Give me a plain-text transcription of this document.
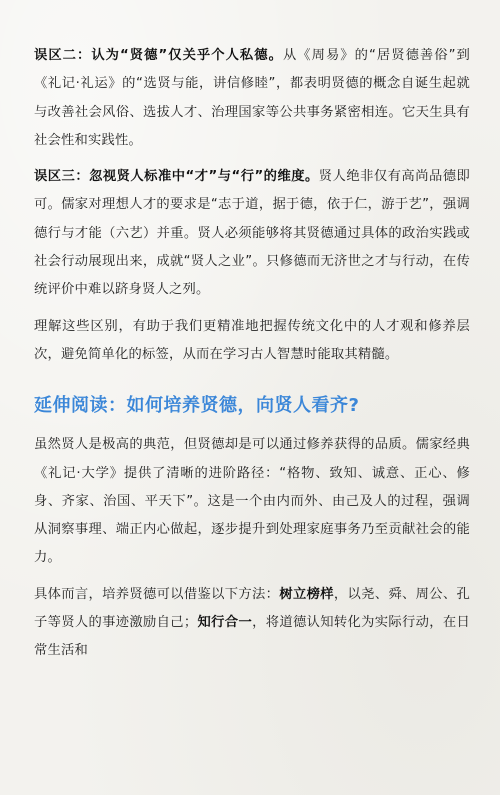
误区二：认为“贤德”仅关乎个人私德。从《周易》的“居贤德善俗”到《礼记·礼运》的“选贤与能，讲信修睦”，都表明贤德的概念自诞生起就与改善社会风俗、选拔人才、治理国家等公共事务紧密相连。它天生具有社会性和实践性。

误区三：忽视贤人标准中“才”与“行”的维度。贤人绝非仅有高尚品德即可。儒家对理想人才的要求是“志于道，据于德，依于仁，游于艺”，强调德行与才能（六艺）并重。贤人必须能够将其贤德通过具体的政治实践或社会行动展现出来，成就“贤人之业”。只修德而无济世之才与行动，在传统评价中难以跻身贤人之列。

理解这些区别，有助于我们更精准地把握传统文化中的人才观和修养层次，避免简单化的标签，从而在学习古人智慧时能取其精髓。

延伸阅读：如何培养贤德，向贤人看齐?

虽然贤人是极高的典范，但贤德却是可以通过修养获得的品质。儒家经典《礼记·大学》提供了清晰的进阶路径：“格物、致知、诚意、正心、修身、齐家、治国、平天下”。这是一个由内而外、由己及人的过程，强调从洞察事理、端正内心做起，逐步提升到处理家庭事务乃至贡献社会的能力。

具体而言，培养贤德可以借鉴以下方法：树立榜样，以尧、舜、周公、孔子等贤人的事迹激励自己；知行合一，将道德认知转化为实际行动，在日常生活和
